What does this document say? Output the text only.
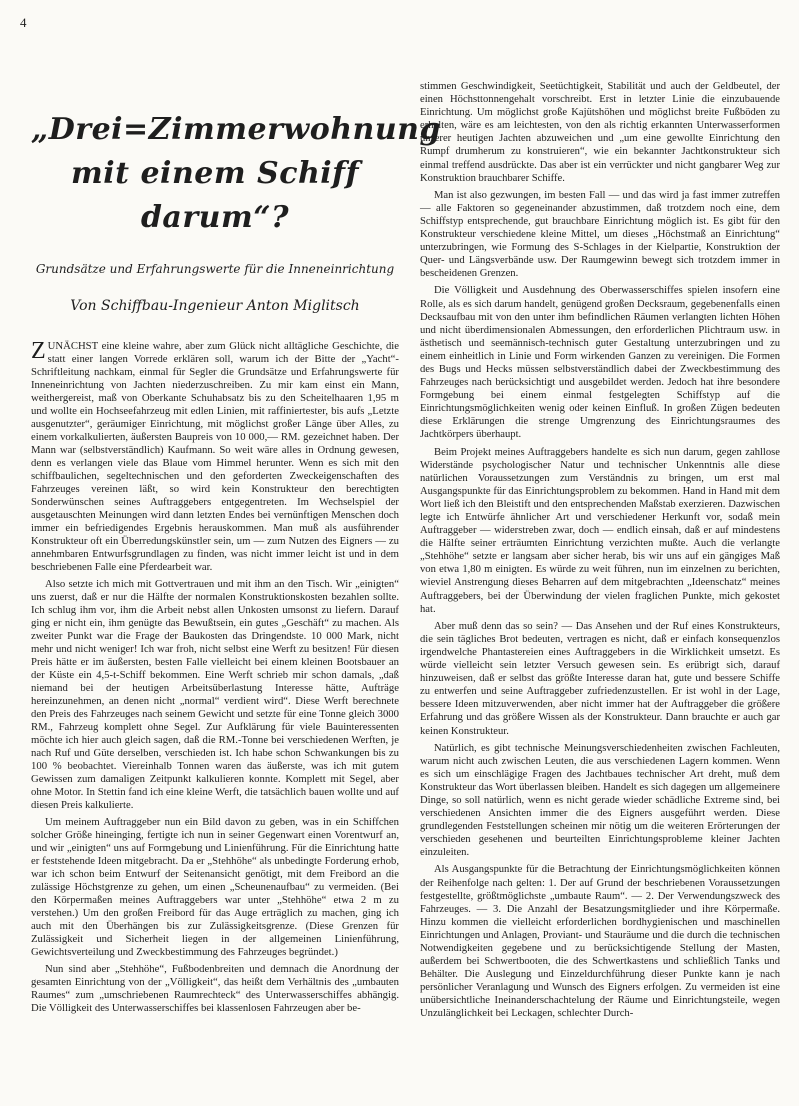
4
„Drei=Zimmerwohnung
mit einem Schiff darum“?
Grundsätze und Erfahrungswerte für die Inneneinrichtung
Von Schiffbau-Ingenieur Anton Miglitsch

ZUNÄCHST eine kleine wahre, aber zum Glück nicht alltägliche Geschichte, die statt einer langen Vorrede erklären soll, warum ich der Bitte der „Yacht“-Schriftleitung nachkam, einmal für Segler die Grundsätze und Erfahrungswerte für Inneneinrichtung von Jachten niederzuschreiben. Zu mir kam einst ein Mann, weithergereist, maß von Oberkante Schuhabsatz bis zu den Scheitelhaaren 1,95 m und wollte ein Hochseefahrzeug mit edlen Linien, mit raffiniertester, bis aufs „Letzte ausgenutzter“, geräumiger Einrichtung, mit möglichst großer Länge über Alles, zu einem vorkalkulierten, äußersten Baupreis von 10 000,— RM. gezeichnet haben. Der Mann war (selbstverständlich) Kaufmann. So weit wäre alles in Ordnung gewesen, denn es verlangen viele das Blaue vom Himmel herunter. Wenn es sich mit den schiffbaulichen, segeltechnischen und den geforderten Zweckeigenschaften des Fahrzeuges vereinen läßt, so wird kein Konstrukteur den berechtigten Sonderwünschen seines Auftraggebers entgegentreten. Im Wechselspiel der ausgetauschten Meinungen wird dann letzten Endes bei vernünftigen Menschen doch immer ein befriedigendes Ergebnis herauskommen. Man muß als ausführender Konstrukteur oft ein Überredungskünstler sein, um — zum Nutzen des Eigners — zu annehmbaren Entwurfsgrundlagen zu finden, was nicht immer leicht ist und in dem beschriebenen Falle eine Pferdearbeit war.

Also setzte ich mich mit Gottvertrauen und mit ihm an den Tisch. Wir „einigten“ uns zuerst, daß er nur die Hälfte der normalen Konstruktionskosten bezahlen sollte. Ich schlug ihm vor, ihm die Arbeit nebst allen Unkosten umsonst zu liefern. Darauf ging er nicht ein, ihm genügte das Bewußtsein, ein gutes „Geschäft“ zu machen. Als zweiter Punkt war die Frage der Baukosten das Dringendste. 10 000 Mark, nicht mehr und nicht weniger! Ich war froh, nicht selbst eine Werft zu besitzen! Für diesen Preis hätte er im äußersten, besten Falle vielleicht bei einem kleinen Bootsbauer an der Küste ein 4,5-t-Schiff bekommen. Eine Werft schrieb mir schon damals, „daß niemand bei der heutigen Arbeitsüberlastung Interesse hätte, Aufträge hereinzunehmen, an denen nicht „normal“ verdient wird“. Diese Werft berechnete den Preis des Fahrzeuges nach seinem Gewicht und setzte für eine Tonne gleich 3000 RM., Fahrzeug komplett ohne Segel. Zur Aufklärung für viele Bauinteressenten möchte ich hier auch gleich sagen, daß die RM.-Tonne bei verschiedenen Werften, je nach Ruf und Güte derselben, verschieden ist. Ich habe schon Schwankungen bis zu 100 % beobachtet. Viereinhalb Tonnen waren das äußerste, was ich mit gutem Gewissen zum damaligen Zeitpunkt kalkulieren konnte. Komplett mit Segel, aber ohne Motor. In Stettin fand ich eine kleine Werft, die tatsächlich bauen wollte und auf diesen Preis kalkulierte.

Um meinem Auftraggeber nun ein Bild davon zu geben, was in ein Schiffchen solcher Größe hineinging, fertigte ich nun in seiner Gegenwart einen Vorentwurf an, und wir „einigten“ uns auf Formgebung und Linienführung. Für die Einrichtung hatte er feststehende Ideen mitgebracht. Da er „Stehhöhe“ als unbedingte Forderung erhob, war ich schon beim Entwurf der Seitenansicht genötigt, mit dem Freibord an die zulässige Höchstgrenze zu gehen, um einen „Scheunenaufbau“ zu vermeiden. (Bei den Körpermaßen meines Auftraggebers war unter „Stehhöhe“ etwa 2 m zu verstehen.) Um den großen Freibord für das Auge erträglich zu machen, ging ich auch mit den Überhängen bis zur Zulässigkeitsgrenze. (Diese Grenzen für Zulässigkeit und Sicherheit liegen in der allgemeinen Linienführung, Gewichtsverteilung und Zweckbestimmung des Fahrzeuges begründet.)

Nun sind aber „Stehhöhe“, Fußbodenbreiten und demnach die Anordnung der gesamten Einrichtung von der „Völligkeit“, das heißt dem Verhältnis des „umbauten Raumes“ zum „umschriebenen Raumrechteck“ des Unterwasserschiffes abhängig. Die Völligkeit des Unterwasserschiffes bei klassenlosen Fahrzeugen aber be-

stimmen Geschwindigkeit, Seetüchtigkeit, Stabilität und auch der Geldbeutel, der einen Höchsttonnengehalt vorschreibt. Erst in letzter Linie die einzubauende Einrichtung. Um möglichst große Kajütshöhen und möglichst breite Fußböden zu erhalten, wäre es am leichtesten, von den als richtig erkannten Unterwasserformen unserer heutigen Jachten abzuweichen und „um eine gewollte Einrichtung den Rumpf drumherum zu konstruieren“, wie ein bekannter Jachtkonstrukteur sich einmal treffend ausdrückte. Das aber ist ein verrückter und nicht gangbarer Weg zur Konstruktion brauchbarer Schiffe.

Man ist also gezwungen, im besten Fall — und das wird ja fast immer zutreffen — alle Faktoren so gegeneinander abzustimmen, daß trotzdem noch eine, dem Schiffstyp entsprechende, gut brauchbare Einrichtung möglich ist. Es gibt für den Konstrukteur verschiedene kleine Mittel, um dieses „Höchstmaß an Einrichtung“ unterzubringen, wie Formung des S-Schlages in der Kielpartie, Konstruktion der Quer- und Längsverbände usw. Der Raumgewinn bewegt sich trotzdem immer in bescheidenen Grenzen.

Die Völligkeit und Ausdehnung des Oberwasserschiffes spielen insofern eine Rolle, als es sich darum handelt, genügend großen Decksraum, gegebenenfalls einen Decksaufbau mit von den unter ihm befindlichen Räumen verlangten lichten Höhen und nicht überdimensionalen Abmessungen, den erforderlichen Plichtraum usw. in ästhetisch und seemännisch-technisch guter Gestaltung unterzubringen und zu einem einheitlich in Linie und Form wirkenden Ganzen zu vereinigen. Die Formen des Bugs und Hecks müssen selbstverständlich dabei der Zweckbestimmung des Fahrzeuges nach berücksichtigt und ausgebildet werden. Jedoch hat ihre besondere Formgebung bei einem einmal festgelegten Schiffstyp auf die Einrichtungsmöglichkeiten wenig oder keinen Einfluß. In großen Zügen bedeuten diese Erklärungen die strenge Umgrenzung des Einrichtungsraumes des Jachtkörpers überhaupt.

Beim Projekt meines Auftraggebers handelte es sich nun darum, gegen zahllose Widerstände psychologischer Natur und technischer Unkenntnis alle diese natürlichen Voraussetzungen zum Verständnis zu bringen, um erst mal Ausgangspunkte für das Einrichtungsproblem zu bekommen. Hand in Hand mit dem Wort ließ ich den Bleistift und den entsprechenden Maßstab exerzieren. Dazwischen legte ich Entwürfe ähnlicher Art und verschiedener Herkunft vor, sodaß mein Auftraggeber — widerstreben zwar, doch — endlich einsah, daß er auf mindestens die Hälfte seiner erträumten Einrichtung verzichten mußte. Auch die verlangte „Stehhöhe“ setzte er langsam aber sicher herab, bis wir uns auf ein gängiges Maß von etwa 1,80 m einigten. Es würde zu weit führen, nun im einzelnen zu berichten, wieviel Anstrengung dieses Beharren auf dem mitgebrachten „Ideenschatz“ meines Auftraggebers, bei der Überwindung der vielen fraglichen Punkte, mich gekostet hat.

Aber muß denn das so sein? — Das Ansehen und der Ruf eines Konstrukteurs, die sein tägliches Brot bedeuten, vertragen es nicht, daß er einfach konsequenzlos irgendwelche Phantastereien eines Auftraggebers in die Wirklichkeit umsetzt. Es würde vielleicht sein letzter Versuch gewesen sein. Es erübrigt sich, darauf hinzuweisen, daß er selbst das größte Interesse daran hat, gute und bessere Schiffe zu entwerfen und seine Auftraggeber zufriedenzustellen. Er ist wohl in der Lage, bessere Ideen mitzuverwenden, aber nicht immer hat der Auftraggeber die größere Erfahrung und das größere Wissen als der Konstrukteur. Dann brauchte er auch gar keinen Konstrukteur.

Natürlich, es gibt technische Meinungsverschiedenheiten zwischen Fachleuten, warum nicht auch zwischen Leuten, die aus verschiedenen Lagern kommen. Wenn es sich um einschlägige Fragen des Jachtbaues technischer Art dreht, muß dem Konstrukteur das Wort überlassen bleiben. Handelt es sich dagegen um allgemeinere Dinge, so soll natürlich, wenn es nicht gerade wieder schädliche Extreme sind, bei verschiedenen Ansichten immer die des Eigners ausgeführt werden. Diese grundlegenden Feststellungen scheinen mir nötig um die weiteren Erörterungen der verschieden gesehenen und beurteilten Einrichtungsprobleme kleiner Jachten einzuleiten.

Als Ausgangspunkte für die Betrachtung der Einrichtungsmöglichkeiten können der Reihenfolge nach gelten: 1. Der auf Grund der beschriebenen Voraussetzungen festgestellte, größtmöglichste „umbaute Raum“. — 2. Der Verwendungszweck des Fahrzeuges. — 3. Die Anzahl der Besatzungsmitglieder und ihre Körpermaße. Hinzu kommen die vielleicht erforderlichen bordhygienischen und maschinellen Einrichtungen und Anlagen, Proviant- und Stauräume und die durch die technischen Notwendigkeiten gegebene und zu berücksichtigende Stellung der Masten, außerdem bei Schwertbooten, die des Schwertkastens und schließlich Tanks und Behälter. Die Auslegung und Einzeldurchführung dieser Punkte kann je nach persönlicher Veranlagung und Wunsch des Eigners erfolgen. Zu vermeiden ist eine unübersichtliche Ineinanderschachtelung der Räume und Einrichtungsteile, wegen Unzulänglichkeit bei Leckagen, schlechter Durch-
